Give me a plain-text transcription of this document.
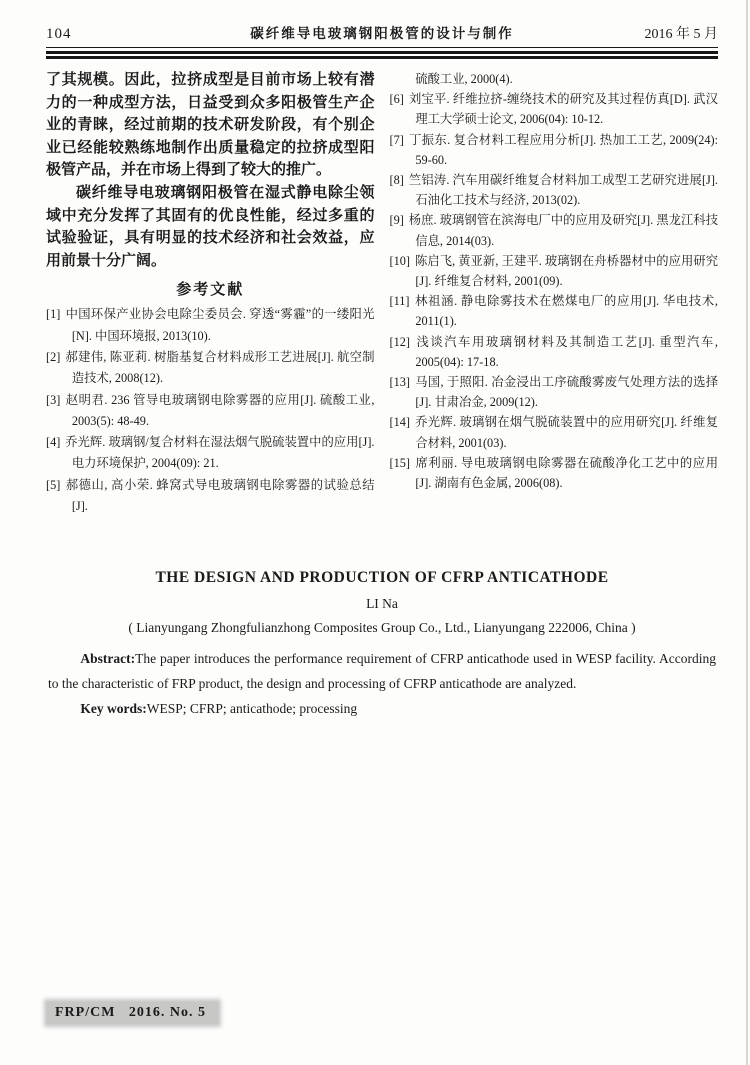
104	碳纤维导电玻璃钢阳极管的设计与制作	2016 年 5 月

了其规模。因此，拉挤成型是目前市场上较有潜力的一种成型方法，日益受到众多阳极管生产企业的青睐，经过前期的技术研发阶段，有个别企业已经能较熟练地制作出质量稳定的拉挤成型阳极管产品，并在市场上得到了较大的推广。

碳纤维导电玻璃钢阳极管在湿式静电除尘领域中充分发挥了其固有的优良性能，经过多重的试验验证，具有明显的技术经济和社会效益，应用前景十分广阔。

参考文献
[1] 中国环保产业协会电除尘委员会. 穿透“雾霾”的一缕阳光[N]. 中国环境报, 2013(10).
[2] 郝建伟, 陈亚莉. 树脂基复合材料成形工艺进展[J]. 航空制造技术, 2008(12).
[3] 赵明君. 236 管导电玻璃钢电除雾器的应用[J]. 硫酸工业, 2003(5): 48-49.
[4] 乔光辉. 玻璃钢/复合材料在湿法烟气脱硫装置中的应用[J]. 电力环境保护, 2004(09): 21.
[5] 郝德山, 高小荣. 蜂窝式导电玻璃钢电除雾器的试验总结[J].
硫酸工业, 2000(4).
[6] 刘宝平. 纤维拉挤-缠绕技术的研究及其过程仿真[D]. 武汉理工大学硕士论文, 2006(04): 10-12.
[7] 丁振东. 复合材料工程应用分析[J]. 热加工工艺, 2009(24): 59-60.
[8] 竺铝涛. 汽车用碳纤维复合材料加工成型工艺研究进展[J]. 石油化工技术与经济, 2013(02).
[9] 杨庶. 玻璃钢管在滨海电厂中的应用及研究[J]. 黑龙江科技信息, 2014(03).
[10] 陈启飞, 黄亚新, 王建平. 玻璃钢在舟桥器材中的应用研究[J]. 纤维复合材料, 2001(09).
[11] 林祖涵. 静电除雾技术在燃煤电厂的应用[J]. 华电技术, 2011(1).
[12] 浅谈汽车用玻璃钢材料及其制造工艺[J]. 重型汽车, 2005(04): 17-18.
[13] 马国, 于照阳. 冶金浸出工序硫酸雾废气处理方法的选择[J]. 甘肃冶金, 2009(12).
[14] 乔光辉. 玻璃钢在烟气脱硫装置中的应用研究[J]. 纤维复合材料, 2001(03).
[15] 席利丽. 导电玻璃钢电除雾器在硫酸净化工艺中的应用[J]. 湖南有色金属, 2006(08).
THE DESIGN AND PRODUCTION OF CFRP ANTICATHODE
LI Na
( Lianyungang Zhongfulianzhong Composites Group Co., Ltd., Lianyungang 222006, China )

Abstract:The paper introduces the performance requirement of CFRP anticathode used in WESP facility. According to the characteristic of FRP product, the design and processing of CFRP anticathode are analyzed.

Key words:WESP; CFRP; anticathode; processing

FRP/CM   2016. No. 5
